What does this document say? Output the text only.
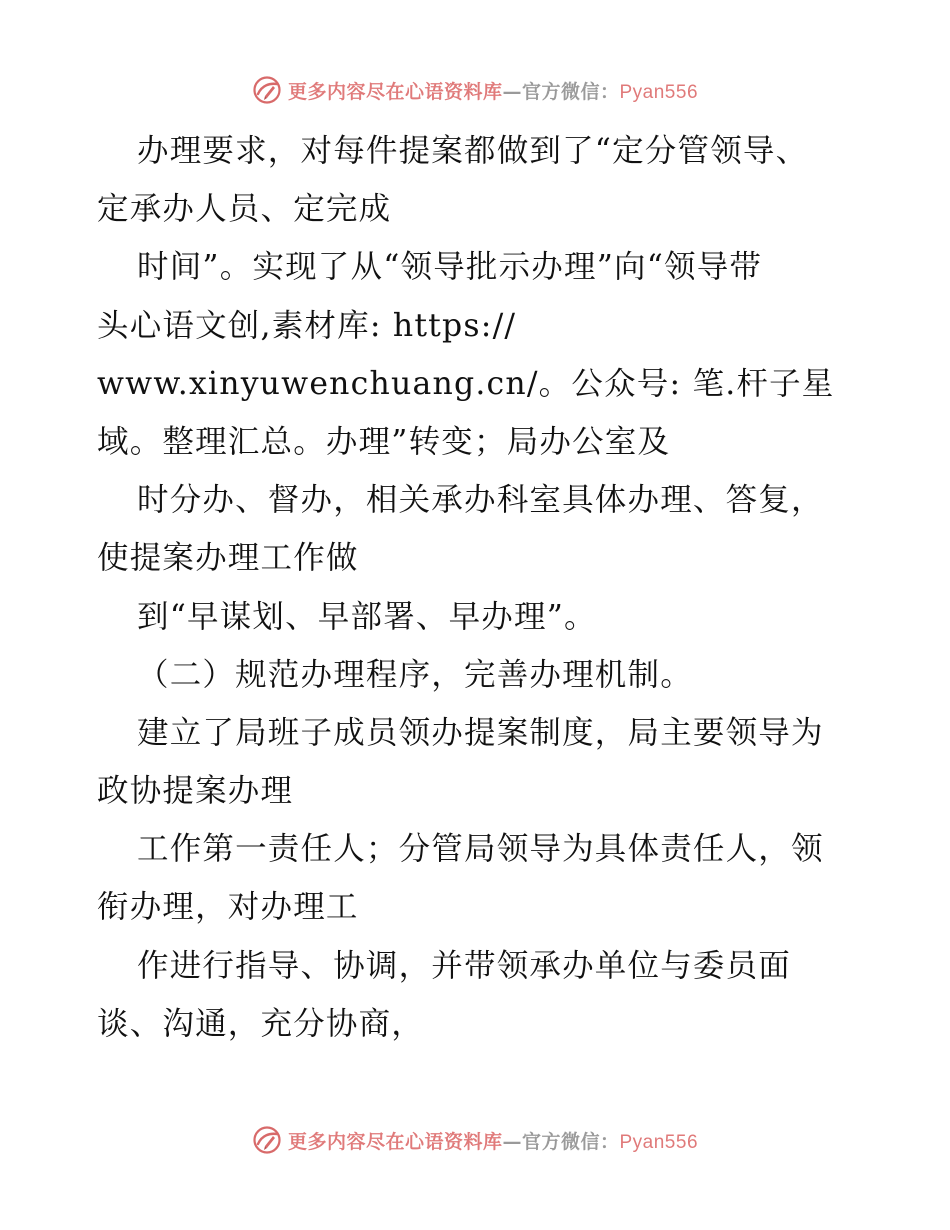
更多内容尽在心语资料库—官方微信：Pyan556
办理要求，对每件提案都做到了“定分管领导、
定承办人员、定完成
时间”。实现了从“领导批示办理”向“领导带
头心语文创,素材库: https://
www.xinyuwenchuang.cn/。公众号: 笔.杆子星
域。整理汇总。办理”转变；局办公室及
时分办、督办，相关承办科室具体办理、答复，
使提案办理工作做
到“早谋划、早部署、早办理”。
（二）规范办理程序，完善办理机制。
建立了局班子成员领办提案制度，局主要领导为
政协提案办理
工作第一责任人；分管局领导为具体责任人，领
衔办理，对办理工
作进行指导、协调，并带领承办单位与委员面
谈、沟通，充分协商，
更多内容尽在心语资料库—官方微信：Pyan556
